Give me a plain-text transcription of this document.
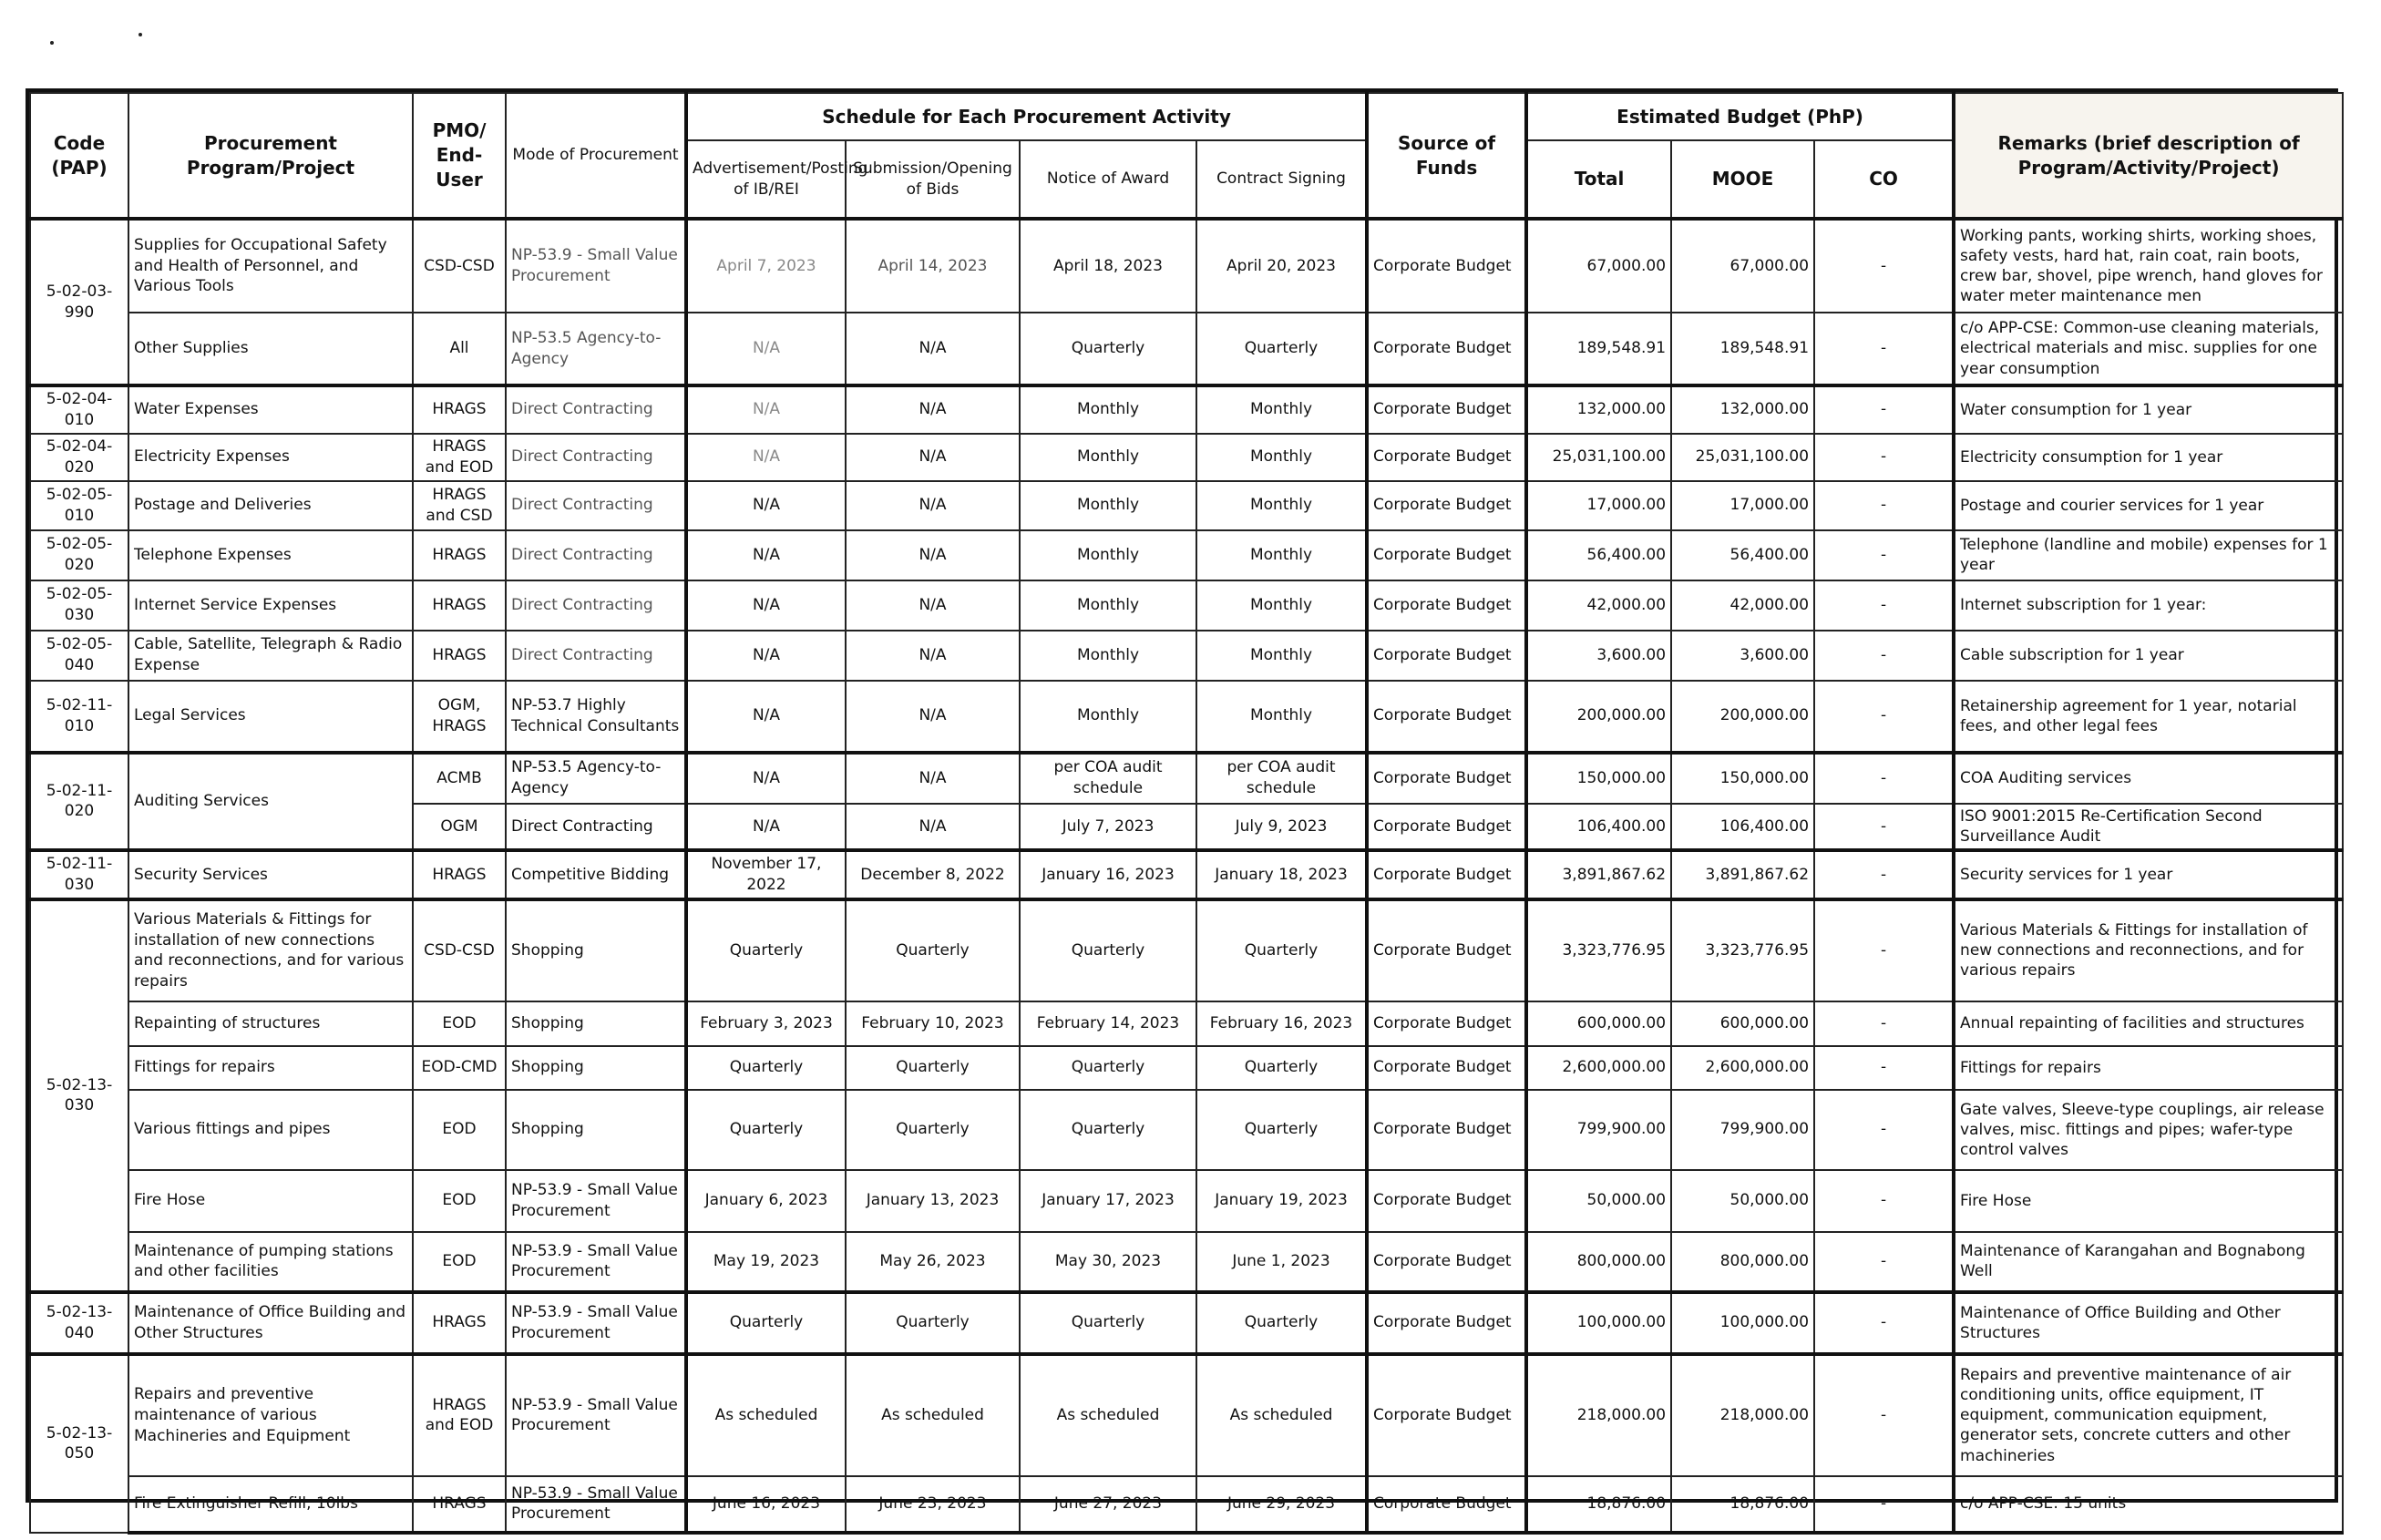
Code (PAP)	Procurement Program/Project	PMO/ End-User	Mode of Procurement	Schedule for Each Procurement Activity				Source of Funds	Estimated Budget (PhP)			Remarks (brief description of Program/Activity/Project)
				Advertisement/Posting of IB/REI	Submission/Opening of Bids	Notice of Award	Contract Signing		Total	MOOE	CO	
5-02-03-990	Supplies for Occupational Safety and Health of Personnel, and Various Tools	CSD-CSD	NP-53.9 - Small Value Procurement	April 7, 2023	April 14, 2023	April 18, 2023	April 20, 2023	Corporate Budget	67,000.00	67,000.00	-	Working pants, working shirts, working shoes, safety vests, hard hat, rain coat, rain boots, crew bar, shovel, pipe wrench, hand gloves for water meter maintenance men
	Other Supplies	All	NP-53.5 Agency-to-Agency	N/A	N/A	Quarterly	Quarterly	Corporate Budget	189,548.91	189,548.91	-	c/o APP-CSE: Common-use cleaning materials, electrical materials and misc. supplies for one year consumption
5-02-04-010	Water Expenses	HRAGS	Direct Contracting	N/A	N/A	Monthly	Monthly	Corporate Budget	132,000.00	132,000.00	-	Water consumption for 1 year
5-02-04-020	Electricity Expenses	HRAGS and EOD	Direct Contracting	N/A	N/A	Monthly	Monthly	Corporate Budget	25,031,100.00	25,031,100.00	-	Electricity consumption for 1 year
5-02-05-010	Postage and Deliveries	HRAGS and CSD	Direct Contracting	N/A	N/A	Monthly	Monthly	Corporate Budget	17,000.00	17,000.00	-	Postage and courier services for 1 year
5-02-05-020	Telephone Expenses	HRAGS	Direct Contracting	N/A	N/A	Monthly	Monthly	Corporate Budget	56,400.00	56,400.00	-	Telephone (landline and mobile) expenses for 1 year
5-02-05-030	Internet Service Expenses	HRAGS	Direct Contracting	N/A	N/A	Monthly	Monthly	Corporate Budget	42,000.00	42,000.00	-	Internet subscription for 1 year:
5-02-05-040	Cable, Satellite, Telegraph & Radio Expense	HRAGS	Direct Contracting	N/A	N/A	Monthly	Monthly	Corporate Budget	3,600.00	3,600.00	-	Cable subscription for 1 year
5-02-11-010	Legal Services	OGM, HRAGS	NP-53.7 Highly Technical Consultants	N/A	N/A	Monthly	Monthly	Corporate Budget	200,000.00	200,000.00	-	Retainership agreement for 1 year, notarial fees, and other legal fees
5-02-11-020	Auditing Services	ACMB	NP-53.5 Agency-to-Agency	N/A	N/A	per COA audit schedule	per COA audit schedule	Corporate Budget	150,000.00	150,000.00	-	COA Auditing services
		OGM	Direct Contracting	N/A	N/A	July 7, 2023	July 9, 2023	Corporate Budget	106,400.00	106,400.00	-	ISO 9001:2015 Re-Certification Second Surveillance Audit
5-02-11-030	Security Services	HRAGS	Competitive Bidding	November 17, 2022	December 8, 2022	January 16, 2023	January 18, 2023	Corporate Budget	3,891,867.62	3,891,867.62	-	Security services for 1 year
5-02-13-030	Various Materials & Fittings for installation of new connections and reconnections, and for various repairs	CSD-CSD	Shopping	Quarterly	Quarterly	Quarterly	Quarterly	Corporate Budget	3,323,776.95	3,323,776.95	-	Various Materials & Fittings for installation of new connections and reconnections, and for various repairs
	Repainting of structures	EOD	Shopping	February 3, 2023	February 10, 2023	February 14, 2023	February 16, 2023	Corporate Budget	600,000.00	600,000.00	-	Annual repainting of facilities and structures
	Fittings for repairs	EOD-CMD	Shopping	Quarterly	Quarterly	Quarterly	Quarterly	Corporate Budget	2,600,000.00	2,600,000.00	-	Fittings for repairs
	Various fittings and pipes	EOD	Shopping	Quarterly	Quarterly	Quarterly	Quarterly	Corporate Budget	799,900.00	799,900.00	-	Gate valves, Sleeve-type couplings, air release valves, misc. fittings and pipes; wafer-type control valves
	Fire Hose	EOD	NP-53.9 - Small Value Procurement	January 6, 2023	January 13, 2023	January 17, 2023	January 19, 2023	Corporate Budget	50,000.00	50,000.00	-	Fire Hose
	Maintenance of pumping stations and other facilities	EOD	NP-53.9 - Small Value Procurement	May 19, 2023	May 26, 2023	May 30, 2023	June 1, 2023	Corporate Budget	800,000.00	800,000.00	-	Maintenance of Karangahan and Bognabong Well
5-02-13-040	Maintenance of Office Building and Other Structures	HRAGS	NP-53.9 - Small Value Procurement	Quarterly	Quarterly	Quarterly	Quarterly	Corporate Budget	100,000.00	100,000.00	-	Maintenance of Office Building and Other Structures
5-02-13-050	Repairs and preventive maintenance of various Machineries and Equipment	HRAGS and EOD	NP-53.9 - Small Value Procurement	As scheduled	As scheduled	As scheduled	As scheduled	Corporate Budget	218,000.00	218,000.00	-	Repairs and preventive maintenance of air conditioning units, office equipment, IT equipment, communication equipment, generator sets, concrete cutters and other machineries
	Fire Extinguisher Refill, 10lbs	HRAGS	NP-53.9 - Small Value Procurement	June 16, 2023	June 23, 2023	June 27, 2023	June 29, 2023	Corporate Budget	18,876.00	18,876.00	-	c/o APP-CSE: 15 units
